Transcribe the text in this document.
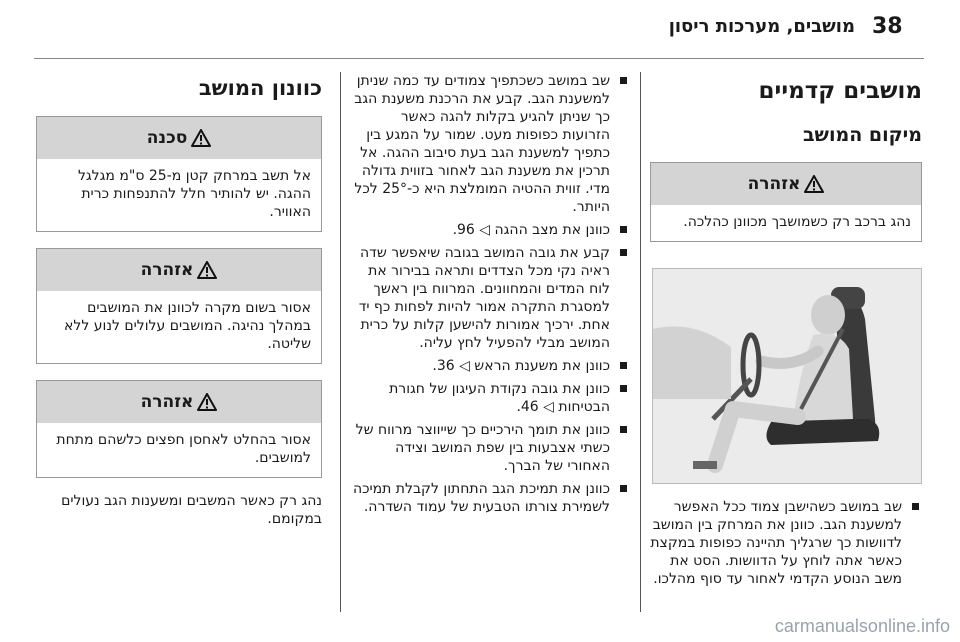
38
מושבים, מערכות ריסון
מושבים קדמיים
מיקום המושב
אזהרה
נהג ברכב רק כשמושבך מכוונן כהלכה.
שב במושב כשהישבן צמוד ככל האפשר למשענת הגב. כוונן את המרחק בין המושב לדוושות כך שרגליך תהיינה כפופות במקצת כאשר אתה לוחץ על הדוושות. הסט את משב הנוסע הקדמי לאחור עד סוף מהלכו.
שב במושב כשכתפיך צמודים עד כמה שניתן למשענת הגב. קבע את הרכנת משענת הגב כך שניתן להגיע בקלות להגה כאשר הזרועות כפופות מעט. שמור על המגע בין כתפיך למשענת הגב בעת סיבוב ההגה. אל תרכין את משענת הגב לאחור בזווית גדולה מדי. זווית ההטיה המומלצת היא כ-25° לכל היותר.
כוונן את מצב ההגה ◁ 96.
קבע את גובה המושב בגובה שיאפשר שדה ראיה נקי מכל הצדדים ותראה בבירור את לוח המדים והמחוונים. המרווח בין ראשך למסגרת התקרה אמור להיות לפחות כף יד אחת. ירכיך אמורות להישען קלות על כרית המושב מבלי להפעיל לחץ עליה.
כוונן את משענת הראש ◁ 36.
כוונן את גובה נקודת העיגון של חגורת הבטיחות ◁ 46.
כוונן את תומך הירכיים כך שייווצר מרווח של כשתי אצבעות בין שפת המושב וצידה האחורי של הברך.
כוונן את תמיכת הגב התחתון לקבלת תמיכה לשמירת צורתו הטבעית של עמוד השדרה.
כוונון המושב
סכנה
אל תשב במרחק קטן מ-25 ס"מ מגלגל ההגה. יש להותיר חלל להתנפחות כרית האוויר.
אזהרה
אסור בשום מקרה לכוונן את המושבים במהלך נהיגה. המושבים עלולים לנוע ללא שליטה.
אזהרה
אסור בהחלט לאחסן חפצים כלשהם מתחת למושבים.
נהג רק כאשר המשבים ומשענות הגב נעולים במקומם.
carmanualsonline.info
